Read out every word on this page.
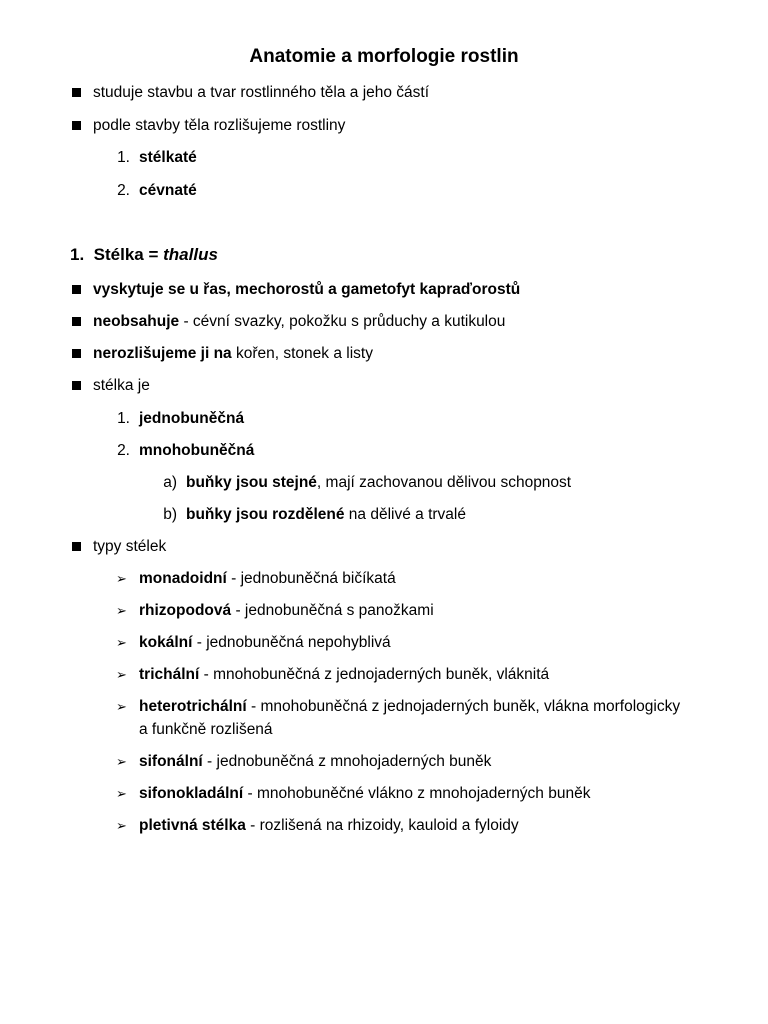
Anatomie a morfologie rostlin
studuje stavbu a tvar rostlinného těla a jeho částí
podle stavby těla rozlišujeme rostliny
1. stélkaté
2. cévnaté
1. Stélka = thallus
vyskytuje se u řas, mechorostů a gametofyt kapraďorostů
neobsahuje - cévní svazky, pokožku s průduchy a kutikulou
nerozlišujeme ji na kořen, stonek a listy
stélka je
1. jednobuněčná
2. mnohobuněčná
a) buňky jsou stejné, mají zachovanou dělivou schopnost
b) buňky jsou rozdělené na dělivé a trvalé
typy stélek
➢ monadoidní - jednobuněčná bičíkatá
➢ rhizopodová - jednobuněčná s panožkami
➢ kokální - jednobuněčná nepohyblivá
➢ trichální - mnohobuněčná z jednojaderných buněk, vláknitá
➢ heterotrichální - mnohobuněčná z jednojaderných buněk, vlákna morfologicky
a funkčně rozlišená
➢ sifonální - jednobuněčná z mnohojaderných buněk
➢ sifonokladální - mnohobuněčné vlákno z mnohojaderných buněk
➢ pletivná stélka - rozlišená na rhizoidy, kauloid a fyloidy
